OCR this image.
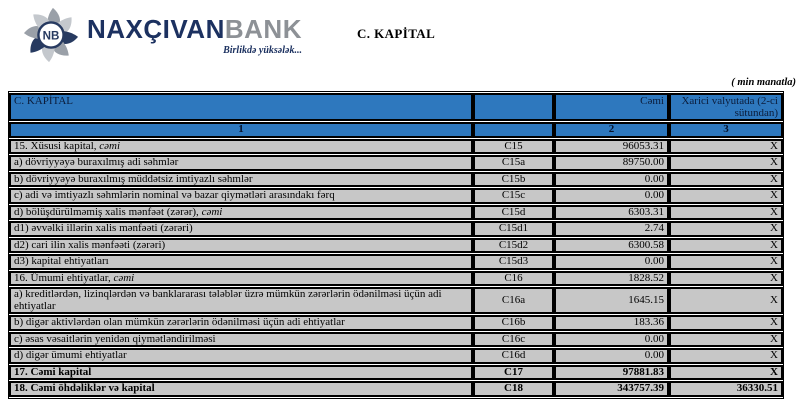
NB NAXÇIVANBANK
Birlikdə yüksələk...
C. KAPİTAL
( min manatla)
C. KAPİTAL		Cəmi	Xarici valyutada (2-ci sütundan)
1		2	3
15. Xüsusi kapital, cəmi	C15	96053.31	X
a) dövriyyəyə buraxılmış adi səhmlər	C15a	89750.00	X
b) dövriyyəyə buraxılmış müddətsiz imtiyazlı səhmlər	C15b	0.00	X
c) adi və imtiyazlı səhmlərin nominal və bazar qiymətləri arasındakı fərq	C15c	0.00	X
d) bölüşdürülməmiş xalis mənfəət (zərər), cəmi	C15d	6303.31	X
d1) əvvəlki illərin xalis mənfəəti (zərəri)	C15d1	2.74	X
d2) cari ilin xalis mənfəəti (zərəri)	C15d2	6300.58	X
d3) kapital ehtiyatları	C15d3	0.00	X
16. Ümumi ehtiyatlar, cəmi	C16	1828.52	X
a) kreditlərdən, lizinqlərdən və banklararası tələblər üzrə mümkün zərərlərin ödənilməsi üçün adi ehtiyatlar	C16a	1645.15	X
b) digər aktivlərdən olan mümkün zərərlərin ödənilməsi üçün adi ehtiyatlar	C16b	183.36	X
c) əsas vəsaitlərin yenidən qiymətləndirilməsi	C16c	0.00	X
d) digər ümumi ehtiyatlar	C16d	0.00	X
17. Cəmi kapital	C17	97881.83	X
18. Cəmi öhdəliklər və kapital	C18	343757.39	36330.51
